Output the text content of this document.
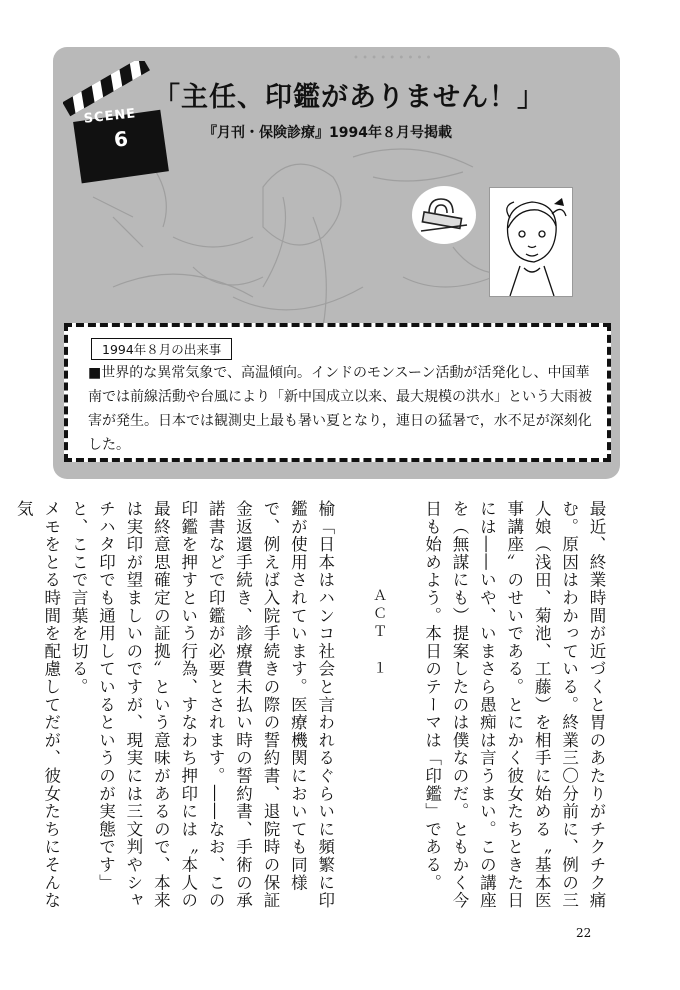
• • • • • • • • •
SCENE
6
「主任、印鑑がありません！」
『月刊・保険診療』1994年８月号掲載
1994年８月の出来事
■世界的な異常気象で、高温傾向。インドのモンスーン活動が活発化し、中国華南では前線活動や台風により「新中国成立以来、最大規模の洪水」という大雨被害が発生。日本では観測史上最も暑い夏となり，連日の猛暑で，水不足が深刻化した。

最近、終業時間が近づくと胃のあたりがチクチク痛む。原因はわかっている。終業三〇分前に、例の三人娘（浅田、菊池、工藤）を相手に始める〝基本医事講座〟のせいである。とにかく彼女たちときた日には――いや、いまさら愚痴は言うまい。この講座を（無謀にも）提案したのは僕なのだ。ともかく今日も始めよう。本日のテーマは「印鑑」である。

ＡＣＴ　１

榆「日本はハンコ社会と言われるぐらいに頻繁に印鑑が使用されています。医療機関においても同様で、例えば入院手続きの際の誓約書、退院時の保証金返還手続き、診療費未払い時の誓約書、手術の承諾書などで印鑑が必要とされます。――なお、この印鑑を押すという行為、すなわち押印には〝本人の最終意思確定の証拠〟という意味があるので、本来は実印が望ましいのですが、現実には三文判やシャチハタ印でも通用しているというのが実態です」

と、ここで言葉を切る。

メモをとる時間を配慮してだが、彼女たちにそんな気

22
